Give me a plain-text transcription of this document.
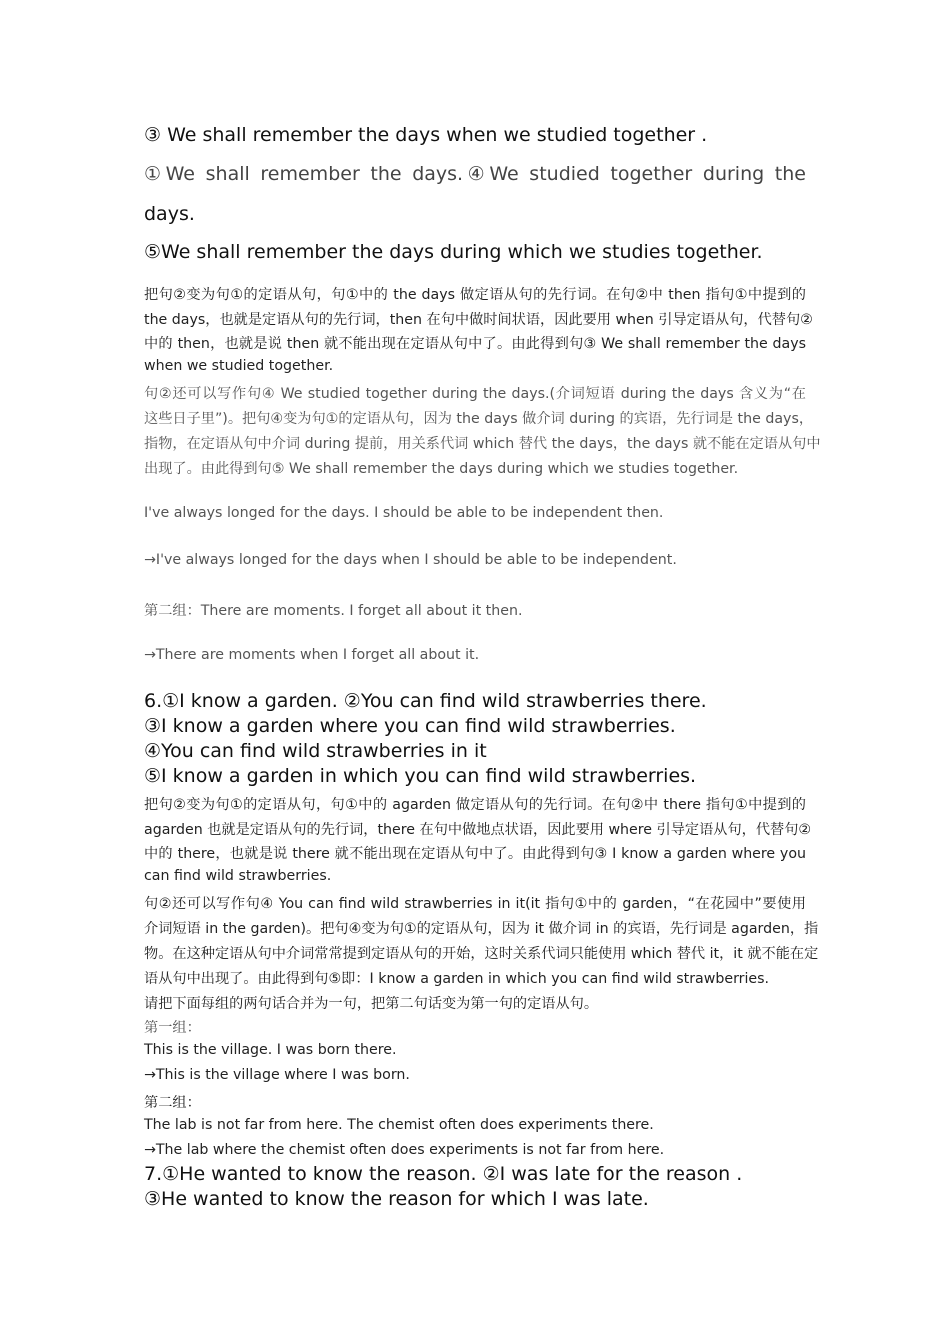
③ We shall remember the days when we studied together .

①We shall remember the days.④We studied together during the

days.

⑤We shall remember the days during which we studies together.

把句②变为句①的定语从句，句①中的 the days 做定语从句的先行词。在句②中 then 指句①中提到的

the days，也就是定语从句的先行词，then 在句中做时间状语，因此要用 when 引导定语从句，代替句②

中的 then，也就是说 then 就不能出现在定语从句中了。由此得到句③ We shall remember the days

when we studied together.

句②还可以写作句④ We studied together during the days.(介词短语 during the days 含义为“在

这些日子里”)。把句④变为句①的定语从句，因为 the days 做介词 during 的宾语，先行词是 the days，

指物，在定语从句中介词 during 提前，用关系代词 which 替代 the days，the days 就不能在定语从句中

出现了。由此得到句⑤ We shall remember the days during which we studies together.

I've always longed for the days. I should be able to be independent then.

→I've always longed for the days when I should be able to be independent.

第二组：There are moments. I forget all about it then.

→There are moments when I forget all about it.

6.①I know a garden. ②You can find wild strawberries there.

③I know a garden where you can find wild strawberries.

④You can find wild strawberries in it

⑤I know a garden in which you can find wild strawberries.

把句②变为句①的定语从句，句①中的 agarden 做定语从句的先行词。在句②中 there 指句①中提到的

agarden 也就是定语从句的先行词，there 在句中做地点状语，因此要用 where 引导定语从句，代替句②

中的 there，也就是说 there 就不能出现在定语从句中了。由此得到句③ I know a garden where you

can find wild strawberries.

句②还可以写作句④ You can find wild strawberries in it(it 指句①中的 garden，“在花园中”要使用

介词短语 in the garden)。把句④变为句①的定语从句，因为 it 做介词 in 的宾语，先行词是 agarden，指

物。在这种定语从句中介词常常提到定语从句的开始，这时关系代词只能使用 which 替代 it，it 就不能在定

语从句中出现了。由此得到句⑤即：I know a garden in which you can find wild strawberries.

请把下面每组的两句话合并为一句，把第二句话变为第一句的定语从句。

第一组：

This is the village. I was born there.

→This is the village where I was born.

第二组：

The lab is not far from here. The chemist often does experiments there.

→The lab where the chemist often does experiments is not far from here.

7.①He wanted to know the reason. ②I was late for the reason .

③He wanted to know the reason for which I was late.
